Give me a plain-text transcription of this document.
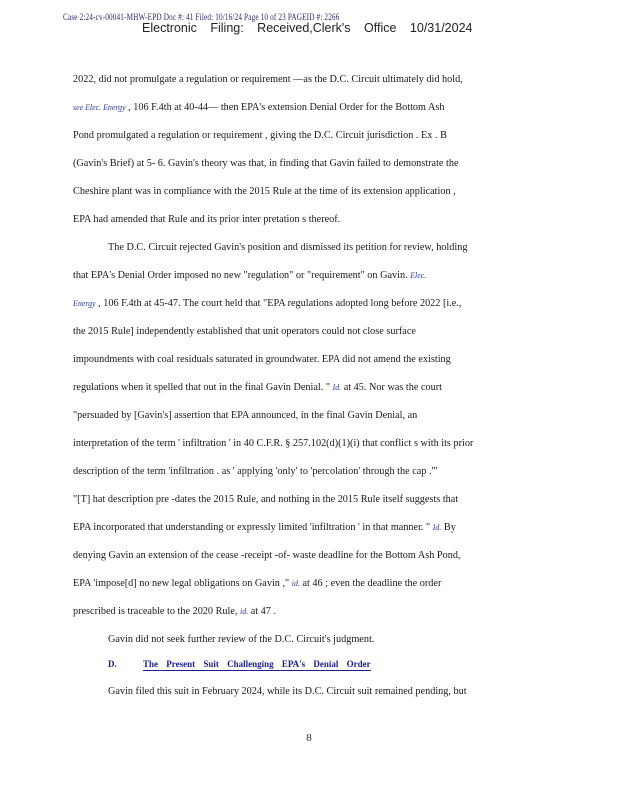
Case 2:24-cv-00041-MHW-EPD Doc #: 41 Filed: 10/16/24 Page 10 of 23 PAGEID #: 2266
Electronic Filing: Received,Clerk's Office 10/31/2024
2022, did not promulgate a regulation or requirement —as the D.C. Circuit ultimately did hold,
see Elec. Energy , 106 F.4th at 40-44— then EPA's extension Denial Order for the Bottom Ash
Pond promulgated a regulation or requirement , giving the D.C. Circuit jurisdiction . Ex . B
(Gavin's Brief) at 5- 6. Gavin's theory was that, in finding that Gavin failed to demonstrate the
Cheshire plant was in compliance with the 2015 Rule at the time of its extension application ,
EPA had amended that Rule and its prior inter pretation s thereof.
The D.C. Circuit rejected Gavin's position and dismissed its petition for review, holding
that EPA's Denial Order imposed no new "regulation" or "requirement" on Gavin. Elec.
Energy , 106 F.4th at 45-47. The court held that "EPA regulations adopted long before 2022 [i.e.,
the 2015 Rule] independently established that unit operators could not close surface
impoundments with coal residuals saturated in groundwater. EPA did not amend the existing
regulations when it spelled that out in the final Gavin Denial. " Id. at 45. Nor was the court
"persuaded by [Gavin's] assertion that EPA announced, in the final Gavin Denial, an
interpretation of the term ' infiltration ' in 40 C.F.R. § 257.102(d)(1)(i) that conflict s with its prior
description of the term 'infiltration . as ' applying 'only' to 'percolation' through the cap .'"
"[T] hat description pre -dates the 2015 Rule, and nothing in the 2015 Rule itself suggests that
EPA incorporated that understanding or expressly limited 'infiltration ' in that manner. " Id. By
denying Gavin an extension of the cease -receipt -of- waste deadline for the Bottom Ash Pond,
EPA 'impose[d] no new legal obligations on Gavin ," id. at 46 ; even the deadline the order
prescribed is traceable to the 2020 Rule, id. at 47 .
Gavin did not seek further review of the D.C. Circuit's judgment.
D.	The Present Suit Challenging EPA's Denial Order
Gavin filed this suit in February 2024, while its D.C. Circuit suit remained pending, but
8
